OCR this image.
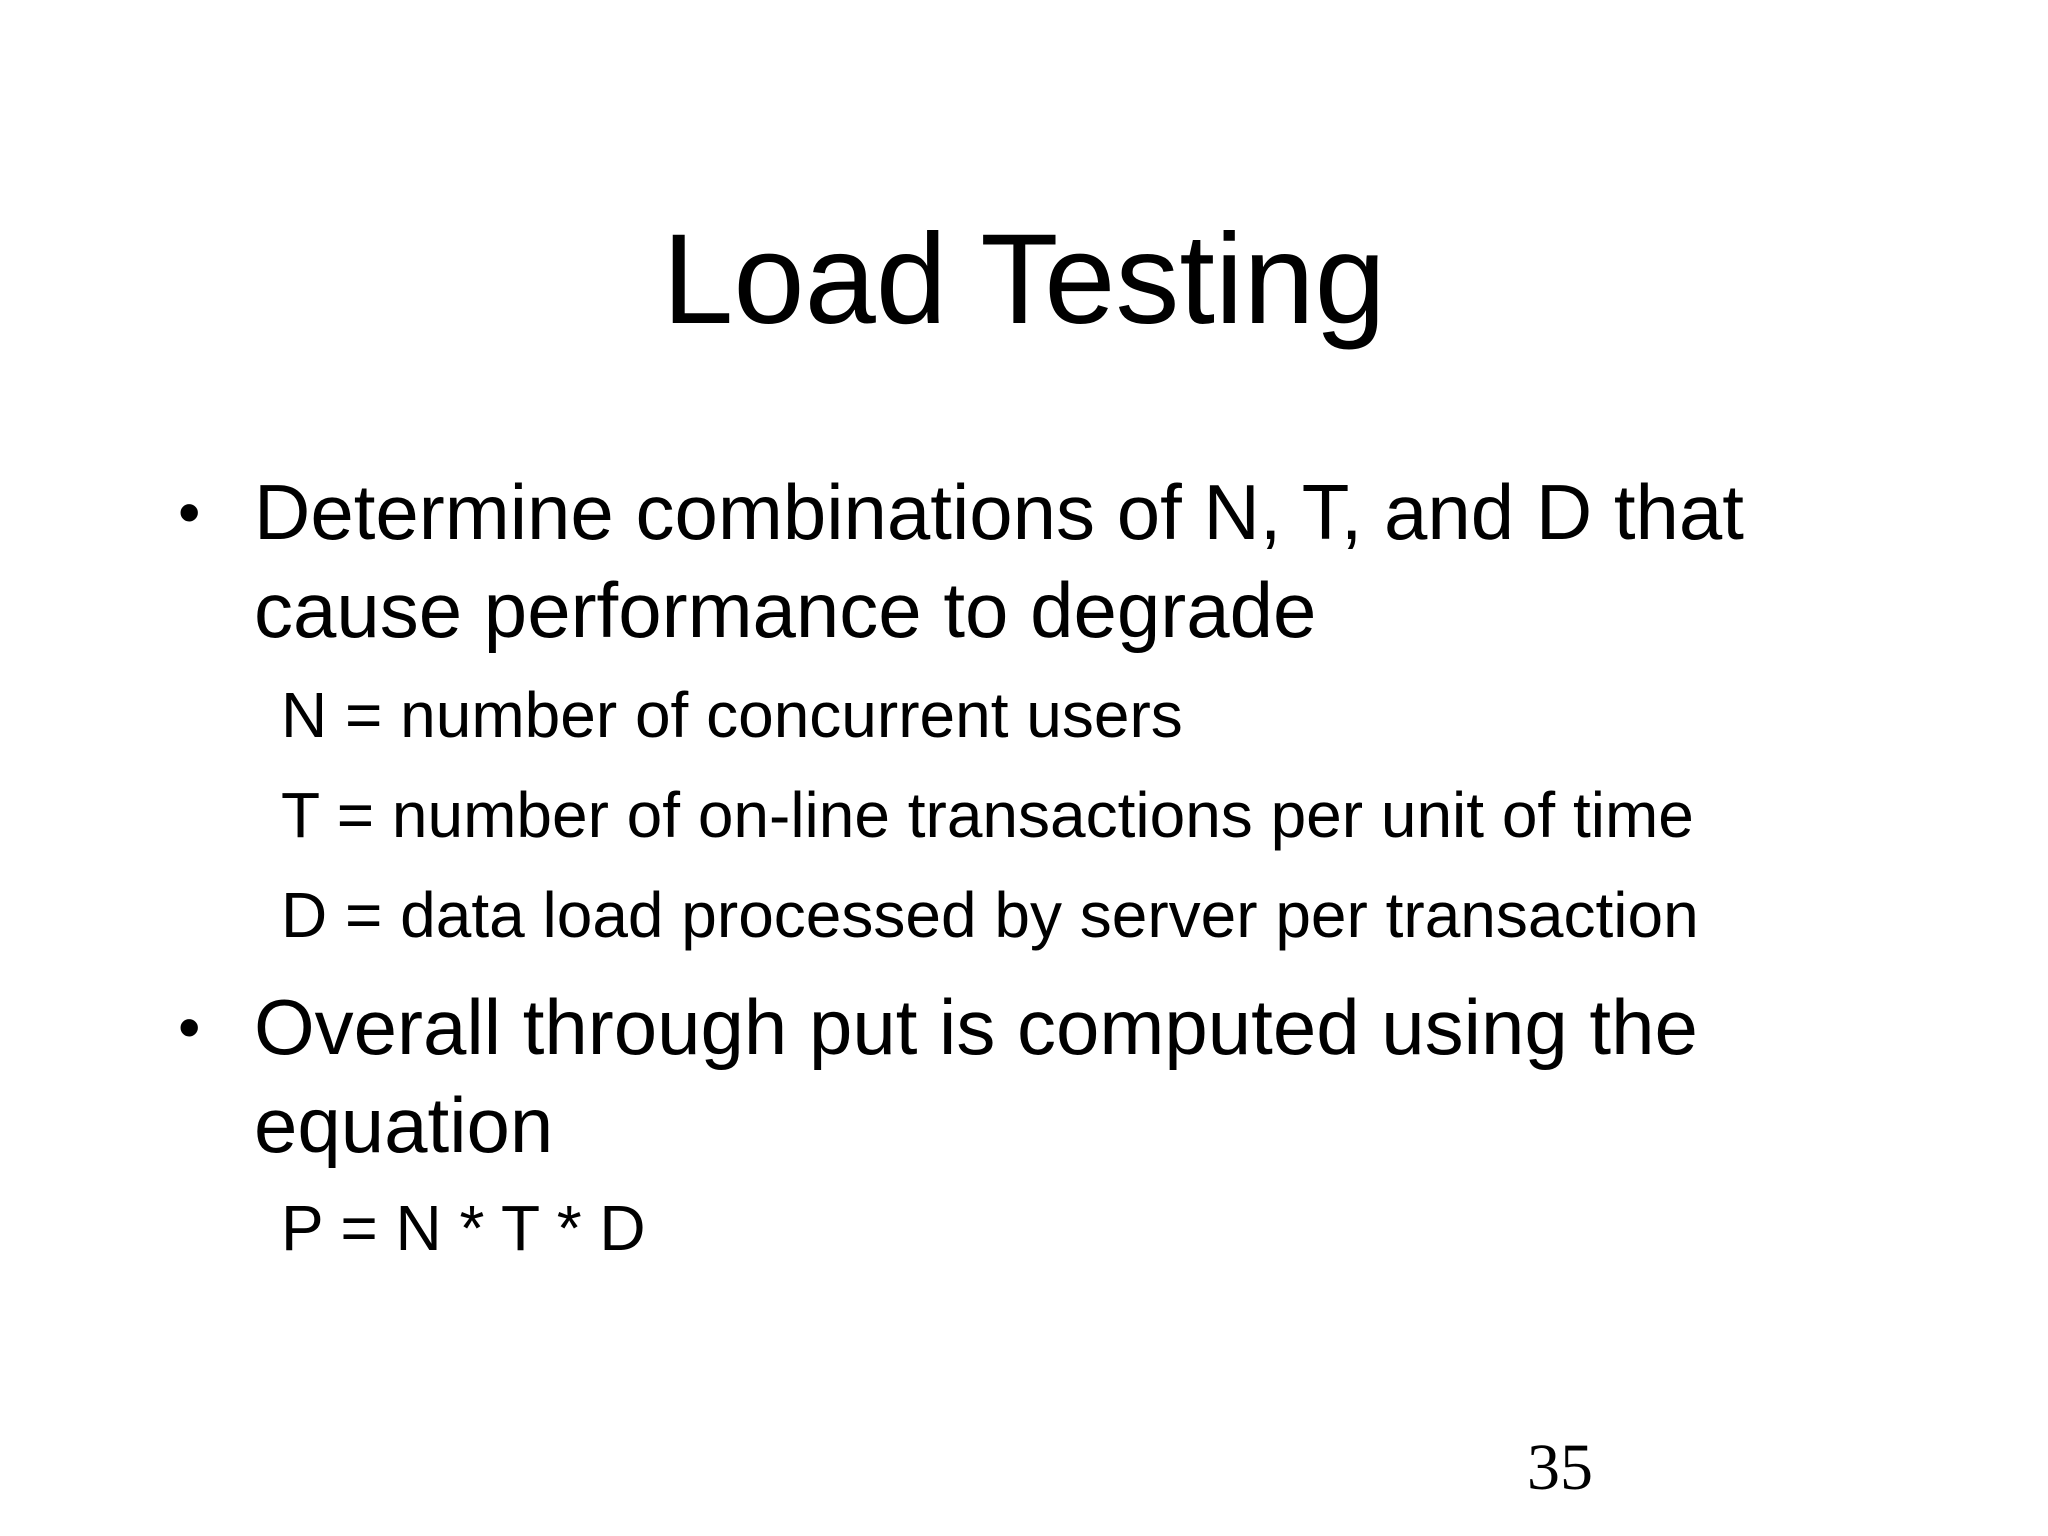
Load Testing
• Determine combinations of N, T, and D that cause performance to degrade
N = number of concurrent users
T = number of on-line transactions per unit of time
D = data load processed by server per transaction
• Overall through put is computed using the equation
P = N * T * D
35
